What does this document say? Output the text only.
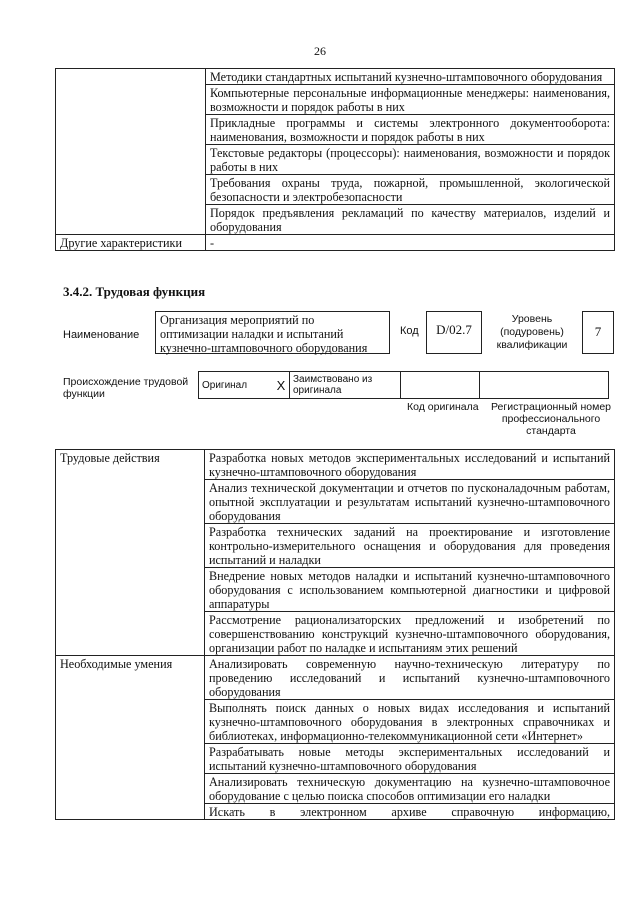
26
	Методики стандартных испытаний кузнечно-штамповочного оборудования
	Компьютерные персональные информационные менеджеры: наименования, возможности и порядок работы в них
	Прикладные программы и системы электронного документооборота: наименования, возможности и порядок работы в них
	Текстовые редакторы (процессоры): наименования, возможности и порядок работы в них
	Требования охраны труда, пожарной, промышленной, экологической безопасности и электробезопасности
	Порядок предъявления рекламаций по качеству материалов, изделий и оборудования
Другие характеристики	-
3.4.2. Трудовая функция
Наименование
Организация мероприятий по оптимизации наладки и испытаний кузнечно-штамповочного оборудования
Код	D/02.7
Уровень (подуровень) квалификации
7
Происхождение трудовой функции
Оригинал	X	Заимствовано из оригинала		
Код оригинала	Регистрационный номер профессионального стандарта
Трудовые действия	Разработка новых методов экспериментальных исследований и испытаний кузнечно-штамповочного оборудования
	Анализ технической документации и отчетов по пусконаладочным работам, опытной эксплуатации и результатам испытаний кузнечно-штамповочного оборудования
	Разработка технических заданий на проектирование и изготовление контрольно-измерительного оснащения и оборудования для проведения испытаний и наладки
	Внедрение новых методов наладки и испытаний кузнечно-штамповочного оборудования с использованием компьютерной диагностики и цифровой аппаратуры
	Рассмотрение рационализаторских предложений и изобретений по совершенствованию конструкций кузнечно-штамповочного оборудования, организации работ по наладке и испытаниям этих решений
Необходимые умения	Анализировать современную научно-техническую литературу по проведению исследований и испытаний кузнечно-штамповочного оборудования
	Выполнять поиск данных о новых видах исследования и испытаний кузнечно-штамповочного оборудования в электронных справочниках и библиотеках, информационно-телекоммуникационной сети «Интернет»
	Разрабатывать новые методы экспериментальных исследований и испытаний кузнечно-штамповочного оборудования
	Анализировать техническую документацию на кузнечно-штамповочное оборудование с целью поиска способов оптимизации его наладки
	Искать в электронном архиве справочную информацию,
